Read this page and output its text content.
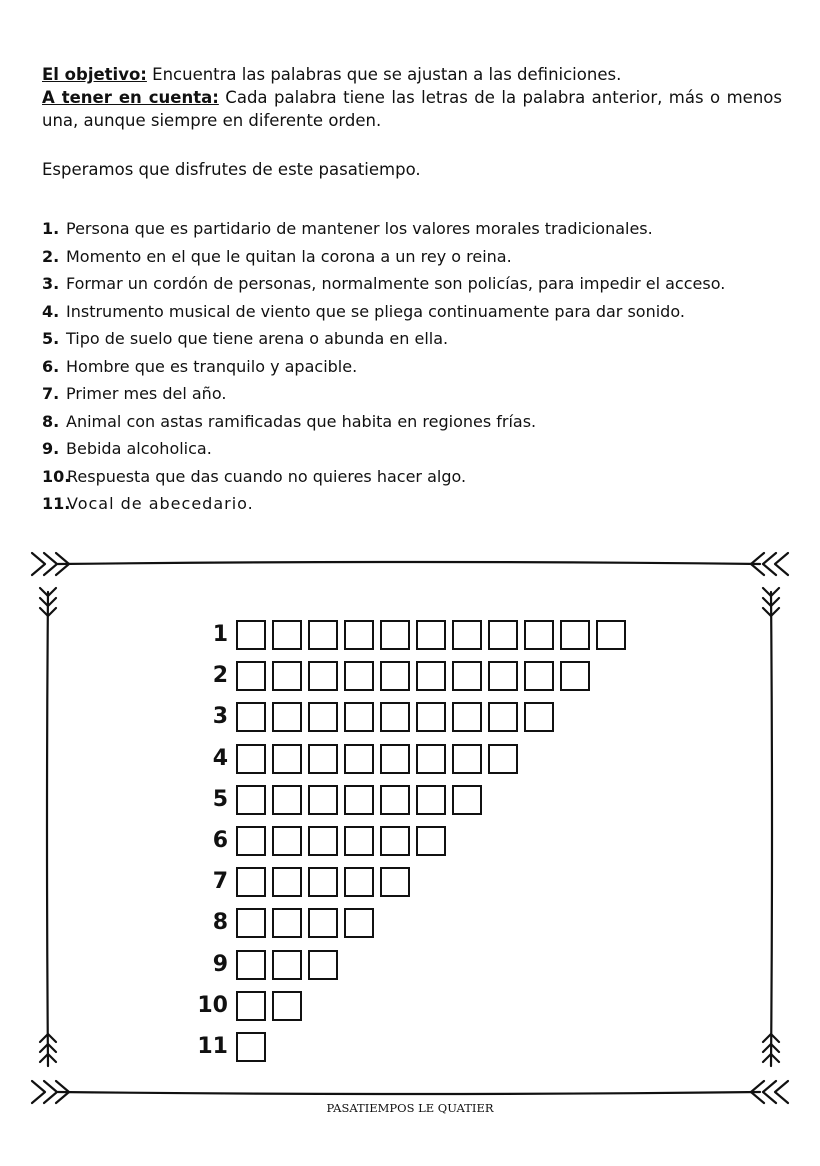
El objetivo: Encuentra las palabras que se ajustan a las definiciones.

A tener en cuenta: Cada palabra tiene las letras de la palabra anterior, más o menos una, aunque siempre en diferente orden.

Esperamos que disfrutes de este pasatiempo.
1. Persona que es partidario de mantener los valores morales tradicionales.
2. Momento en el que le quitan la corona a un rey o reina.
3. Formar un cordón de personas, normalmente son policías, para impedir el acceso.
4. Instrumento musical de viento que se pliega continuamente para dar sonido.
5. Tipo de suelo que tiene arena o abunda en ella.
6. Hombre que es tranquilo y apacible.
7. Primer mes del año.
8. Animal con astas ramificadas que habita en regiones frías.
9. Bebida alcoholica.
10.Respuesta que das cuando no quieres hacer algo.
11.Vocal de abecedario.
1
2
3
4
5
6
7
8
9
10
11
PASATIEMPOS LE QUATIER
